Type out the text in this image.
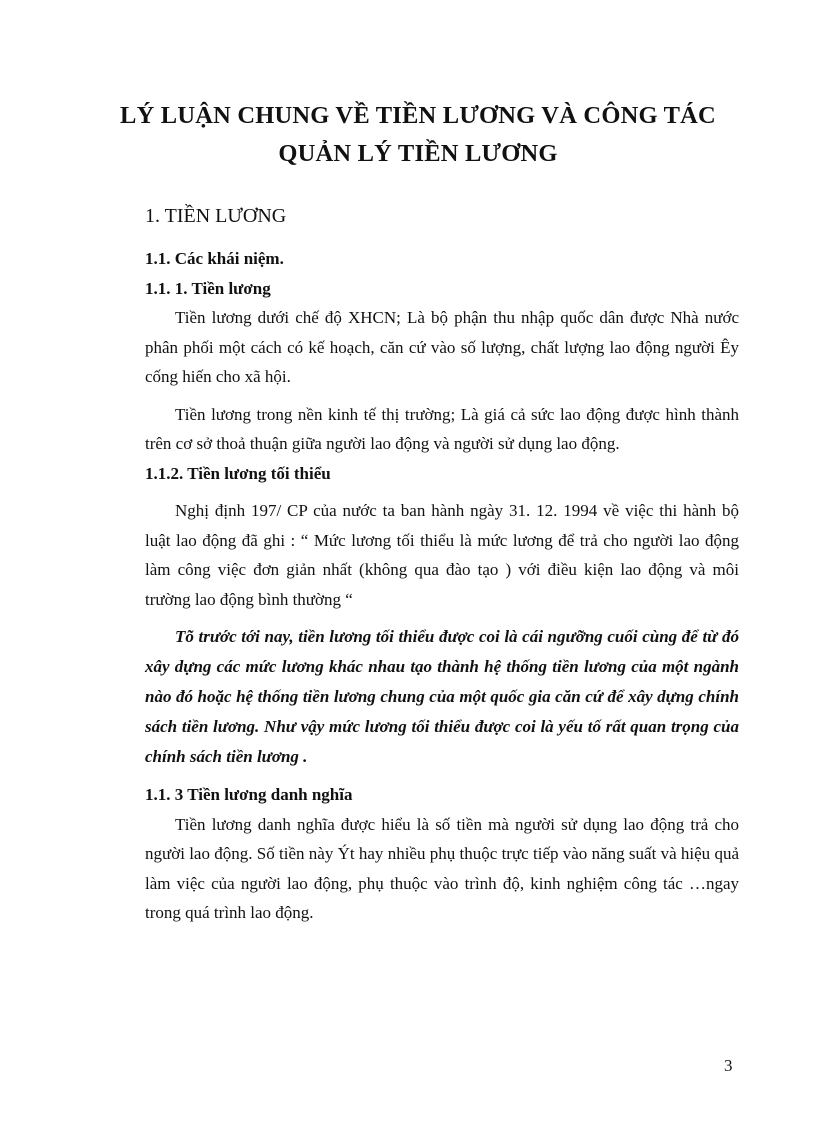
LÝ LUẬN CHUNG VỀ TIỀN LƯƠNG VÀ CÔNG TÁC
QUẢN LÝ TIỀN LƯƠNG
1. TIỀN LƯƠNG

1.1. Các khái niệm.

1.1. 1. Tiền lương

Tiền lương dưới chế độ XHCN; Là bộ phận thu nhập quốc dân được Nhà nước phân phối một cách có kế hoạch, căn cứ vào số lượng, chất lượng lao động người Êy cống hiến cho xã hội.

Tiền lương trong nền kinh tế thị trường; Là giá cả sức lao động được hình thành trên cơ sở thoả thuận giữa người lao động và người sử dụng lao động.

1.1.2. Tiền lương tối thiểu

Nghị định 197/ CP của nước ta ban hành ngày 31. 12. 1994 về việc thi hành bộ luật lao động đã ghi : “ Mức lương tối thiểu là mức lương để trả cho người lao động làm công việc đơn giản nhất (không qua đào tạo ) với điều kiện lao động và môi trường lao động bình thường “

Tõ trước tới nay, tiền lương tối thiểu được coi là cái ngưỡng cuối cùng để từ đó xây dựng các mức lương khác nhau tạo thành hệ thống tiền lương của một ngành nào đó hoặc hệ thống tiền lương chung của một quốc gia căn cứ để xây dựng chính sách tiền lương. Như vậy mức lương tối thiểu được coi là yếu tố rất quan trọng của chính sách tiền lương .

1.1. 3 Tiền lương danh nghĩa

Tiền lương danh nghĩa được hiểu là số tiền mà người sử dụng lao động trả cho người lao động. Số tiền này Ýt hay nhiều phụ thuộc trực tiếp vào năng suất và hiệu quả làm việc của người lao động, phụ thuộc vào trình độ, kinh nghiệm công tác …ngay trong quá trình lao động.

3
